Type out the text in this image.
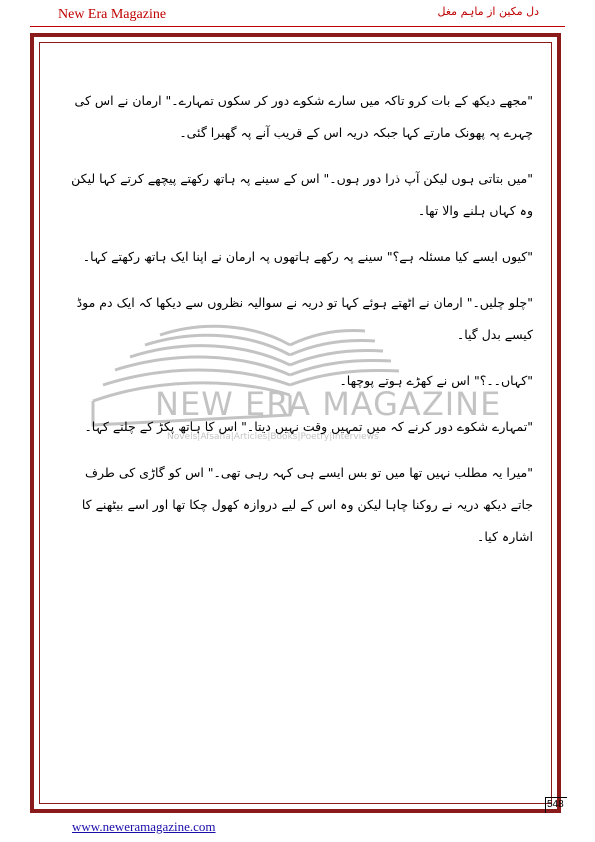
New Era Magazine	دل مکین از ماہم مغل
NEW ERA MAGAZINE
Novels|Afsana|Articles|Books|Poetry|Interviews

"مجھے دیکھ کے بات کرو تاکہ میں سارے شکوے دور کر سکوں تمہارے۔" ارمان نے اس کی چہرے پہ پھونک مارتے کہا جبکہ دریہ اس کے قریب آنے پہ گھبرا گئی۔

"میں بتاتی ہوں لیکن آپ ذرا دور ہوں۔" اس کے سینے پہ ہاتھ رکھتے پیچھے کرتے کہا لیکن وہ کہاں ہلنے والا تھا۔

"کیوں ایسے کیا مسئلہ ہے؟" سینے پہ رکھے ہاتھوں پہ ارمان نے اپنا ایک ہاتھ رکھتے کہا۔

"چلو چلیں۔" ارمان نے اٹھتے ہوئے کہا تو دریہ نے سوالیہ نظروں سے دیکھا کہ ایک دم موڈ کیسے بدل گیا۔

"کہاں۔۔؟" اس نے کھڑے ہوتے پوچھا۔

"تمہارے شکوے دور کرنے کہ میں تمہیں وقت نہیں دیتا۔" اس کا ہاتھ پکڑ کے چلتے کہا۔

"میرا یہ مطلب نہیں تھا میں تو بس ایسے ہی کہہ رہی تھی۔" اس کو گاڑی کی طرف جاتے دیکھ دریہ نے روکنا چاہا لیکن وہ اس کے لیے دروازہ کھول چکا تھا اور اسے بیٹھنے کا اشارہ کیا۔

548
www.neweramagazine.com
